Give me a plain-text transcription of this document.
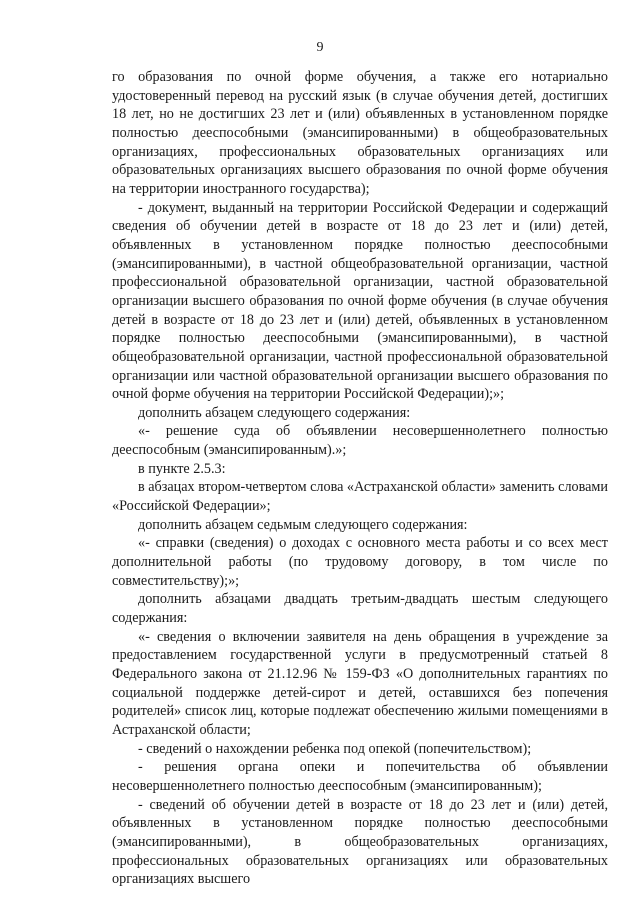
9

го образования по очной форме обучения, а также его нотариально удостоверенный перевод на русский язык (в случае обучения детей, достигших 18 лет, но не достигших 23 лет и (или) объявленных в установленном порядке полностью дееспособными (эмансипированными) в общеобразовательных организациях, профессиональных образовательных организациях или образовательных организациях высшего образования по очной форме обучения на территории иностранного государства);

- документ, выданный на территории Российской Федерации и содержащий сведения об обучении детей в возрасте от 18 до 23 лет и (или) детей, объявленных в установленном порядке полностью дееспособными (эмансипированными), в частной общеобразовательной организации, частной профессиональной образовательной организации, частной образовательной организации высшего образования по очной форме обучения (в случае обучения детей в возрасте от 18 до 23 лет и (или) детей, объявленных в установленном порядке полностью дееспособными (эмансипированными), в частной общеобразовательной организации, частной профессиональной образовательной организации или частной образовательной организации высшего образования по очной форме обучения на территории Российской Федерации);»;

дополнить абзацем следующего содержания:

«- решение суда об объявлении несовершеннолетнего полностью дееспособным (эмансипированным).»;

в пункте 2.5.3:

в абзацах втором-четвертом слова «Астраханской области» заменить словами «Российской Федерации»;

дополнить абзацем седьмым следующего содержания:

«- справки (сведения) о доходах с основного места работы и со всех мест дополнительной работы (по трудовому договору, в том числе по совместительству);»;

дополнить абзацами двадцать третьим-двадцать шестым следующего содержания:

«- сведения о включении заявителя на день обращения в учреждение за предоставлением государственной услуги в предусмотренный статьей 8 Федерального закона от 21.12.96 № 159-ФЗ «О дополнительных гарантиях по социальной поддержке детей-сирот и детей, оставшихся без попечения родителей» список лиц, которые подлежат обеспечению жилыми помещениями в Астраханской области;

- сведений о нахождении ребенка под опекой (попечительством);

- решения органа опеки и попечительства об объявлении несовершеннолетнего полностью дееспособным (эмансипированным);

- сведений об обучении детей в возрасте от 18 до 23 лет и (или) детей, объявленных в установленном порядке полностью дееспособными (эмансипированными), в общеобразовательных организациях, профессиональных образовательных организациях или образовательных организациях высшего
